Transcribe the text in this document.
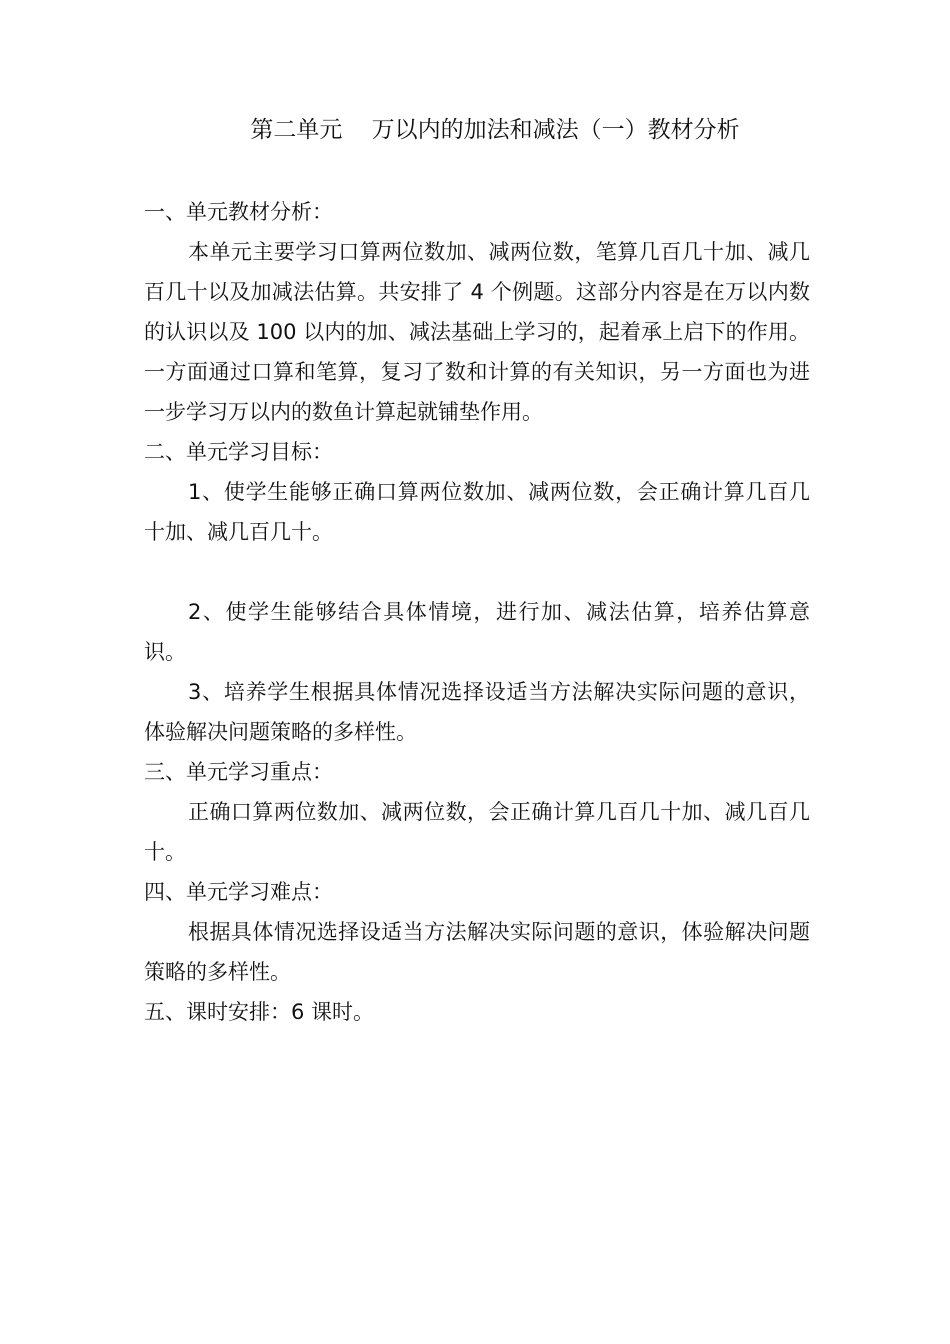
第二单元    万以内的加法和减法（一）教材分析

一、单元教材分析：

本单元主要学习口算两位数加、减两位数，笔算几百几十加、减几百几十以及加减法估算。共安排了 4 个例题。这部分内容是在万以内数的认识以及 100 以内的加、减法基础上学习的，起着承上启下的作用。一方面通过口算和笔算，复习了数和计算的有关知识，另一方面也为进一步学习万以内的数鱼计算起就铺垫作用。

二、单元学习目标：

1、使学生能够正确口算两位数加、减两位数，会正确计算几百几十加、减几百几十。

2、使学生能够结合具体情境，进行加、减法估算，培养估算意识。

3、培养学生根据具体情况选择设适当方法解决实际问题的意识，体验解决问题策略的多样性。

三、单元学习重点：

正确口算两位数加、减两位数，会正确计算几百几十加、减几百几十。

四、单元学习难点：

根据具体情况选择设适当方法解决实际问题的意识，体验解决问题策略的多样性。

五、课时安排：6 课时。
